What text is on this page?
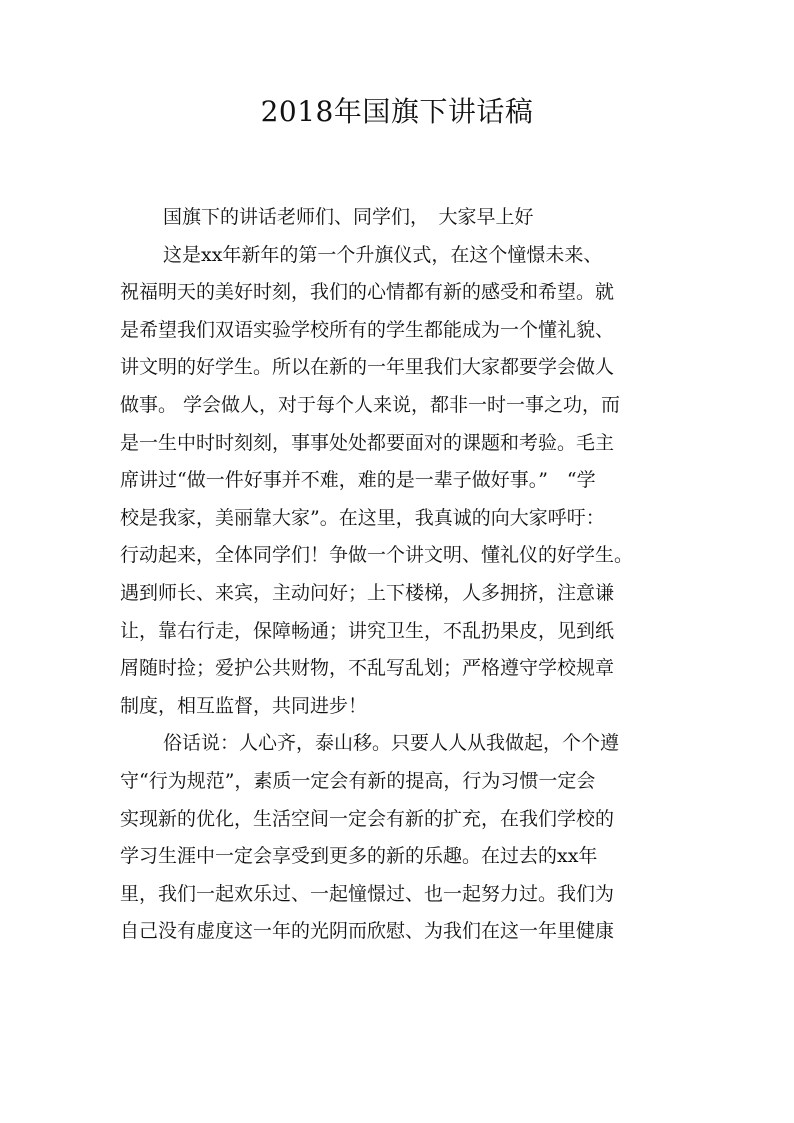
2018年国旗下讲话稿
国旗下的讲话老师们、同学们，　大家早上好
这是xx年新年的第一个升旗仪式，在这个憧憬未来、
祝福明天的美好时刻，我们的心情都有新的感受和希望。就
是希望我们双语实验学校所有的学生都能成为一个懂礼貌、
讲文明的好学生。所以在新的一年里我们大家都要学会做人
做事。 学会做人，对于每个人来说，都非一时一事之功，而
是一生中时时刻刻，事事处处都要面对的课题和考验。毛主
席讲过“做一件好事并不难，难的是一辈子做好事。”　“学
校是我家，美丽靠大家”。在这里，我真诚的向大家呼吁：
行动起来，全体同学们！争做一个讲文明、懂礼仪的好学生。
遇到师长、来宾，主动问好；上下楼梯，人多拥挤，注意谦
让，靠右行走，保障畅通；讲究卫生，不乱扔果皮，见到纸
屑随时捡；爱护公共财物，不乱写乱划；严格遵守学校规章
制度，相互监督，共同进步！
俗话说：人心齐，泰山移。只要人人从我做起，个个遵
守“行为规范”，素质一定会有新的提高，行为习惯一定会
实现新的优化，生活空间一定会有新的扩充，在我们学校的
学习生涯中一定会享受到更多的新的乐趣。在过去的xx年
里，我们一起欢乐过、一起憧憬过、也一起努力过。我们为
自己没有虚度这一年的光阴而欣慰、为我们在这一年里健康
